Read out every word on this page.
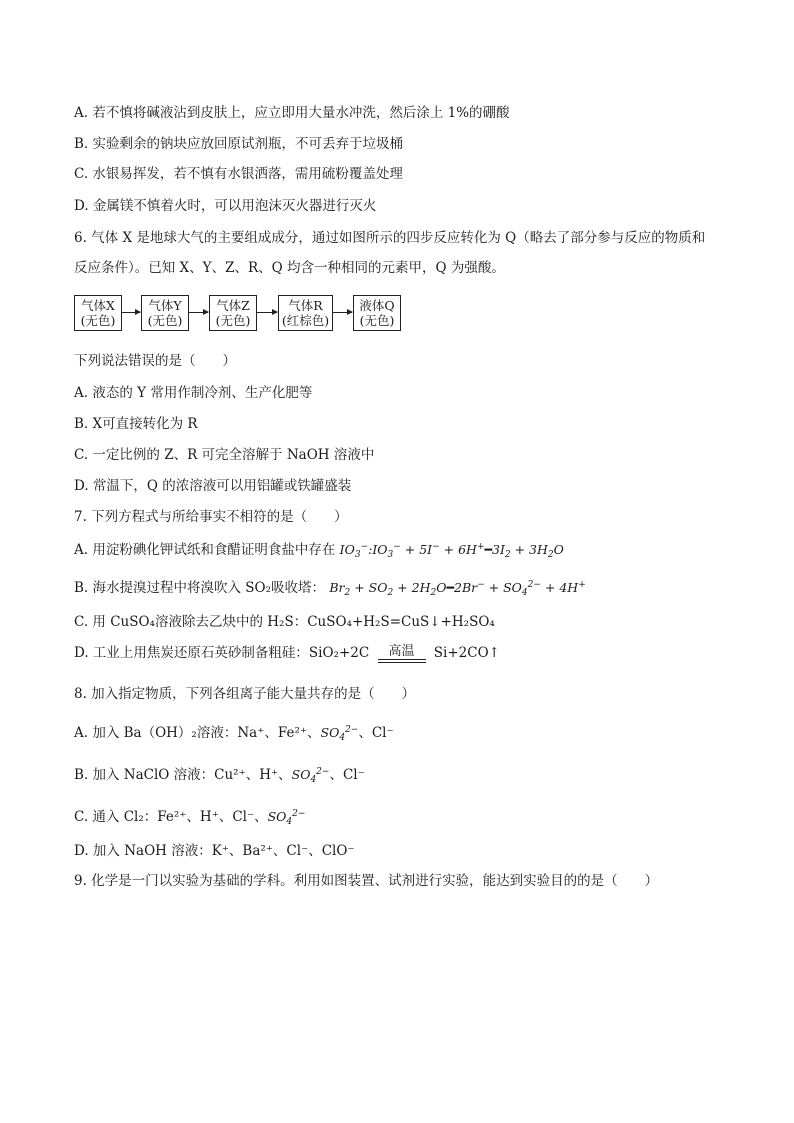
A. 若不慎将碱液沾到皮肤上，应立即用大量水冲洗，然后涂上 1%的硼酸
B. 实验剩余的钠块应放回原试剂瓶，不可丢弃于垃圾桶
C. 水银易挥发，若不慎有水银洒落，需用硫粉覆盖处理
D. 金属镁不慎着火时，可以用泡沫灭火器进行灭火
6. 气体 X 是地球大气的主要组成成分，通过如图所示的四步反应转化为 Q（略去了部分参与反应的物质和
反应条件）。已知 X、Y、Z、R、Q 均含一种相同的元素甲，Q 为强酸。
气体X
(无色)
气体Y
(无色)
气体Z
(无色)
气体R
(红棕色)
液体Q
(无色)
下列说法错误的是（　　）
A. 液态的 Y 常用作制冷剂、生产化肥等
B. X可直接转化为 R
C. 一定比例的 Z、R 可完全溶解于 NaOH 溶液中
D. 常温下，Q 的浓溶液可以用铝罐或铁罐盛装
7. 下列方程式与所给事实不相符的是（　　）
A. 用淀粉碘化钾试纸和食醋证明食盐中存在 $IO_3^-:IO_3^- + 5I^-$ + $6H^+━3I_2 + 3H_2O$
B. 海水提溴过程中将溴吹入 SO₂吸收塔： $Br_2 + SO_2$ + $2H_2O━2Br^- + SO_4^{2-} + 4H^+$
C. 用 CuSO₄溶液除去乙炔中的 H₂S：CuSO₄+H₂S=CuS↓+H₂SO₄
D. 工业上用焦炭还原石英砂制备粗硅：SiO₂+2C	高温	Si+2CO↑
8. 加入指定物质，下列各组离子能大量共存的是（　　）
A. 加入 Ba（OH）₂溶液：Na⁺、Fe²⁺、$SO_4^{2-}$、Cl⁻
B. 加入 NaClO 溶液：Cu²⁺、H⁺、$SO_4^{2-}$、Cl⁻
C. 通入 Cl₂：Fe²⁺、H⁺、Cl⁻、$SO_4^{2-}$
D. 加入 NaOH 溶液：K⁺、Ba²⁺、Cl⁻、ClO⁻
9. 化学是一门以实验为基础的学科。利用如图装置、试剂进行实验，能达到实验目的的是（　　）
